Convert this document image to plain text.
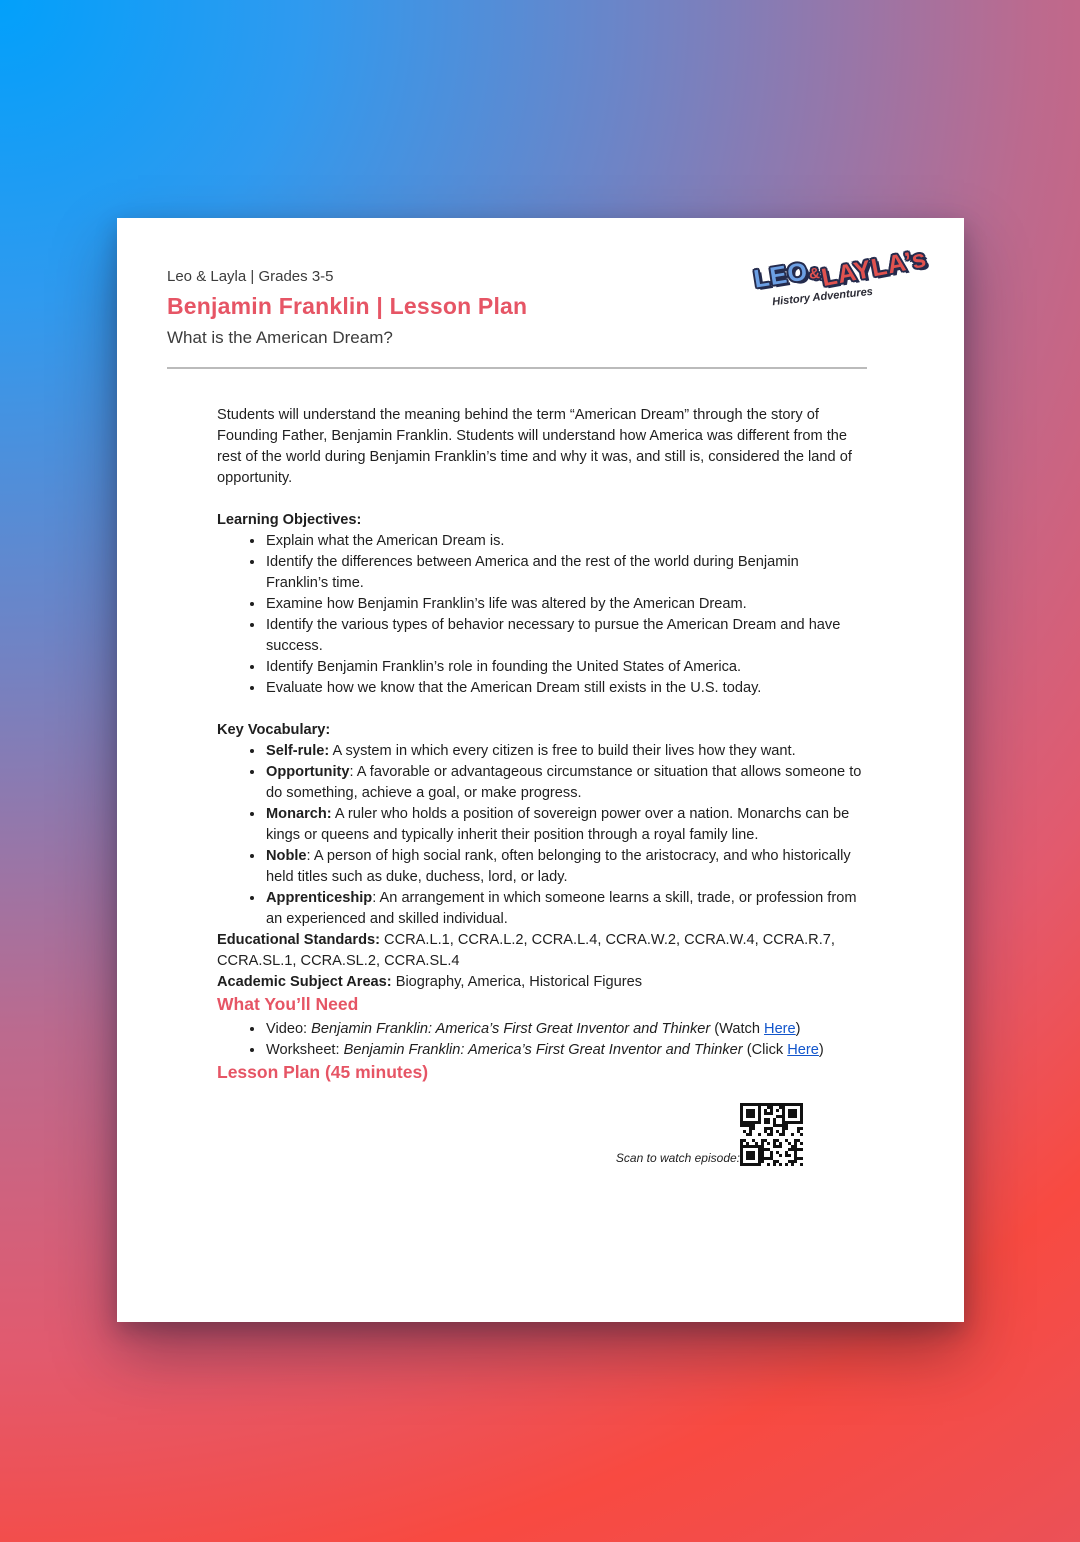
Leo & Layla | Grades 3-5
Benjamin Franklin | Lesson Plan
What is the American Dream?
LEO&LAYLA’s
History Adventures

Students will understand the meaning behind the term “American Dream” through the story of Founding Father, Benjamin Franklin. Students will understand how America was different from the rest of the world during Benjamin Franklin’s time and why it was, and still is, considered the land of opportunity.

Learning Objectives:

• Explain what the American Dream is.
• Identify the differences between America and the rest of the world during Benjamin Franklin’s time.
• Examine how Benjamin Franklin’s life was altered by the American Dream.
• Identify the various types of behavior necessary to pursue the American Dream and have success.
• Identify Benjamin Franklin’s role in founding the United States of America.
• Evaluate how we know that the American Dream still exists in the U.S. today.

Key Vocabulary:

• Self-rule: A system in which every citizen is free to build their lives how they want.
• Opportunity: A favorable or advantageous circumstance or situation that allows someone to do something, achieve a goal, or make progress.
• Monarch: A ruler who holds a position of sovereign power over a nation. Monarchs can be kings or queens and typically inherit their position through a royal family line.
• Noble: A person of high social rank, often belonging to the aristocracy, and who historically held titles such as duke, duchess, lord, or lady.
• Apprenticeship: An arrangement in which someone learns a skill, trade, or profession from an experienced and skilled individual.

Educational Standards: CCRA.L.1, CCRA.L.2, CCRA.L.4, CCRA.W.2, CCRA.W.4, CCRA.R.7, CCRA.SL.1, CCRA.SL.2, CCRA.SL.4

Academic Subject Areas: Biography, America, Historical Figures

What You’ll Need

• Video: Benjamin Franklin: America’s First Great Inventor and Thinker (Watch Here)
• Worksheet: Benjamin Franklin: America’s First Great Inventor and Thinker (Click Here)

Lesson Plan (45 minutes)

Scan to watch episode:
